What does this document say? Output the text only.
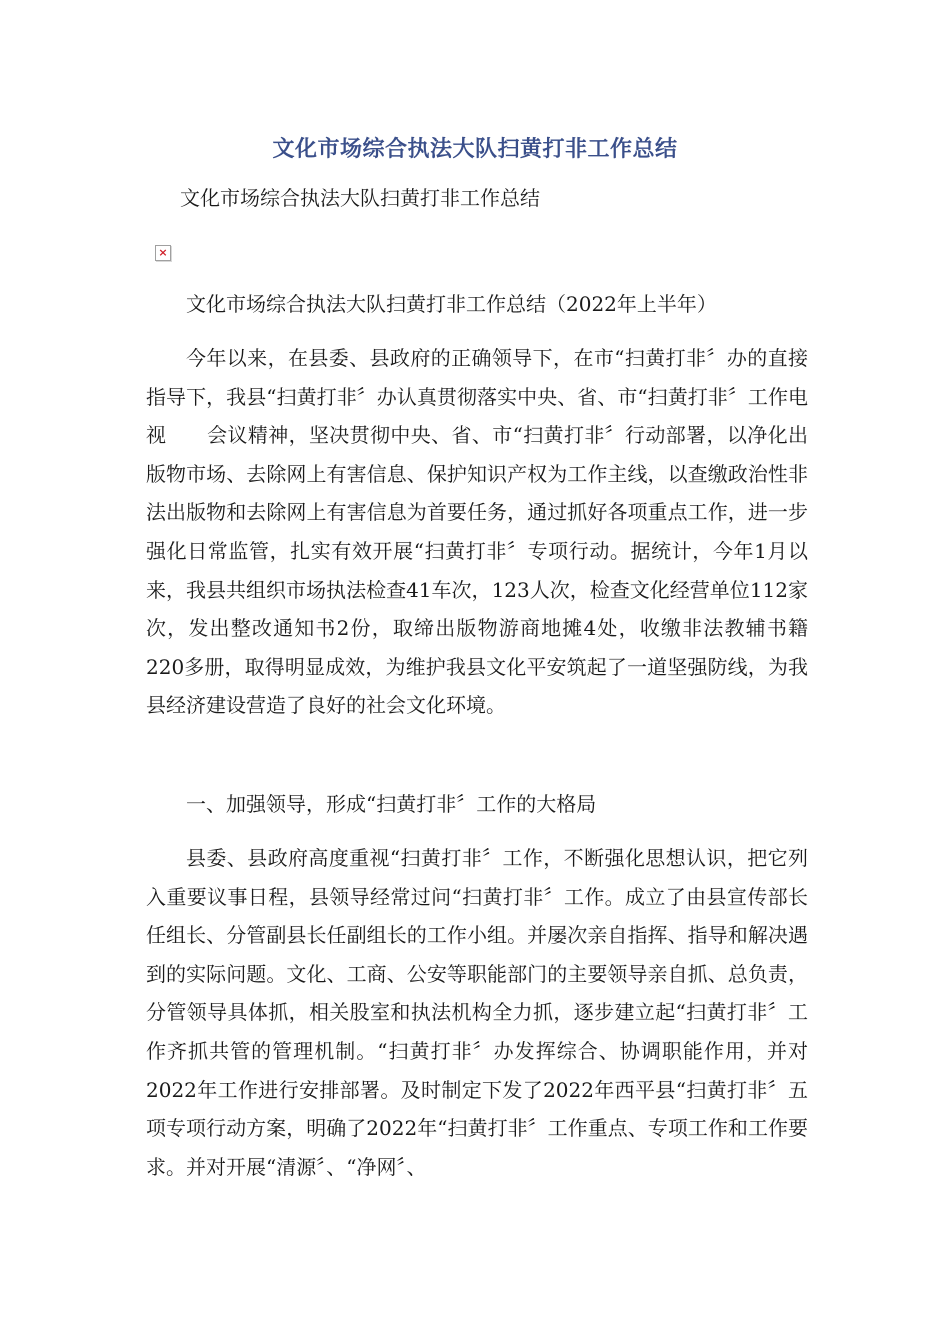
文化市场综合执法大队扫黄打非工作总结

文化市场综合执法大队扫黄打非工作总结

×

文化市场综合执法大队扫黄打非工作总结（2022年上半年）

今年以来，在县委、县政府的正确领导下，在市“扫黄打非〞办的直接指导下，我县“扫黄打非〞办认真贯彻落实中央、省、市“扫黄打非〞工作电视　　会议精神，坚决贯彻中央、省、市“扫黄打非〞行动部署，以净化出版物市场、去除网上有害信息、保护知识产权为工作主线，以查缴政治性非法出版物和去除网上有害信息为首要任务，通过抓好各项重点工作，进一步强化日常监管，扎实有效开展“扫黄打非〞专项行动。据统计，今年1月以来，我县共组织市场执法检查41车次，123人次，检查文化经营单位112家次，发出整改通知书2份，取缔出版物游商地摊4处，收缴非法教辅书籍220多册，取得明显成效，为维护我县文化平安筑起了一道坚强防线，为我县经济建设营造了良好的社会文化环境。

一、加强领导，形成“扫黄打非〞工作的大格局

县委、县政府高度重视“扫黄打非〞工作，不断强化思想认识，把它列入重要议事日程，县领导经常过问“扫黄打非〞工作。成立了由县宣传部长任组长、分管副县长任副组长的工作小组。并屡次亲自指挥、指导和解决遇到的实际问题。文化、工商、公安等职能部门的主要领导亲自抓、总负责，分管领导具体抓，相关股室和执法机构全力抓，逐步建立起“扫黄打非〞工作齐抓共管的管理机制。“扫黄打非〞办发挥综合、协调职能作用，并对2022年工作进行安排部署。及时制定下发了2022年西平县“扫黄打非〞五项专项行动方案，明确了2022年“扫黄打非〞工作重点、专项工作和工作要求。并对开展“清源〞、“净网〞、
